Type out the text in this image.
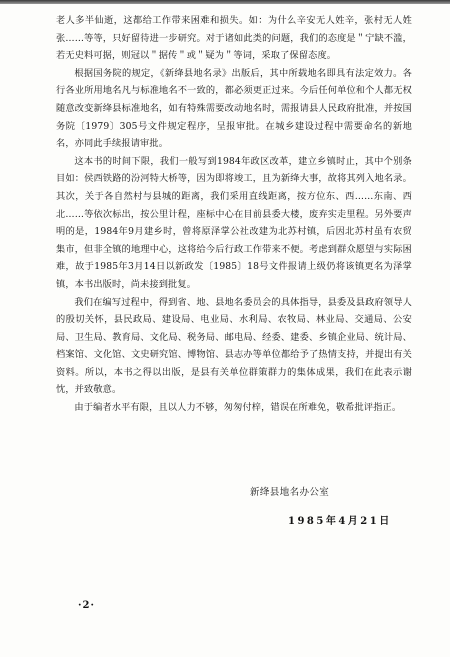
老人多半仙逝，这都给工作带来困难和损失。如：为什么辛安无人姓辛，张村无人姓张……等等，只好留待进一步研究。对于诸如此类的问题，我们的态度是＂宁缺不滥，若无史料可据，则冠以＂据传＂或＂疑为＂等词，采取了保留态度。

根据国务院的规定，《新绛县地名录》出版后，其中所载地名即具有法定效力。各行各业所用地名凡与标准地名不一致的，都必须更正过来。今后任何单位和个人都无权随意改变新绛县标准地名，如有特殊需要改动地名时，需报请县人民政府批准，并按国务院〔1979〕305号文件规定程序，呈报审批。在城乡建设过程中需要命名的新地名，亦同此手续报请审批。

这本书的时间下限，我们一般写到1984年政区改革，建立乡镇时止，其中个别条目如：侯西铁路的汾河特大桥等，因为即将竣工，且为新绛大事，故将其列入地名录。其次，关于各自然村与县城的距离，我们采用直线距离，按方位东、西……东南、西北……等依次标出，按公里计程，座标中心在目前县委大楼，废弃实走里程。另外要声明的是，1984年9月建乡时，曾将原泽掌公社改建为北苏村镇，后因北苏村虽有农贸集市，但非全镇的地理中心，这将给今后行政工作带来不便。考虑到群众愿望与实际困难，故于1985年3月14日以新政发〔1985〕18号文件报请上级仍将该镇更名为泽掌镇，本书出版时，尚未接到批复。

我们在编写过程中，得到省、地、县地名委员会的具体指导，县委及县政府领导人的殷切关怀，县民政局、建设局、电业局、水利局、农牧局、林业局、交通局、公安局、卫生局、教育局、文化局、税务局、邮电局、经委、建委、乡镇企业局、统计局、档案馆、文化馆、文史研究馆、博物馆、县志办等单位都给予了热情支持，并提出有关资料。所以，本书之得以出版，是县有关单位群策群力的集体成果，我们在此表示谢忱，并致敬意。

由于编者水平有限，且以人力不够，匆匆付梓，错误在所难免，敬希批评指正。

新绛县地名办公室
1985年4月21日
·2·
